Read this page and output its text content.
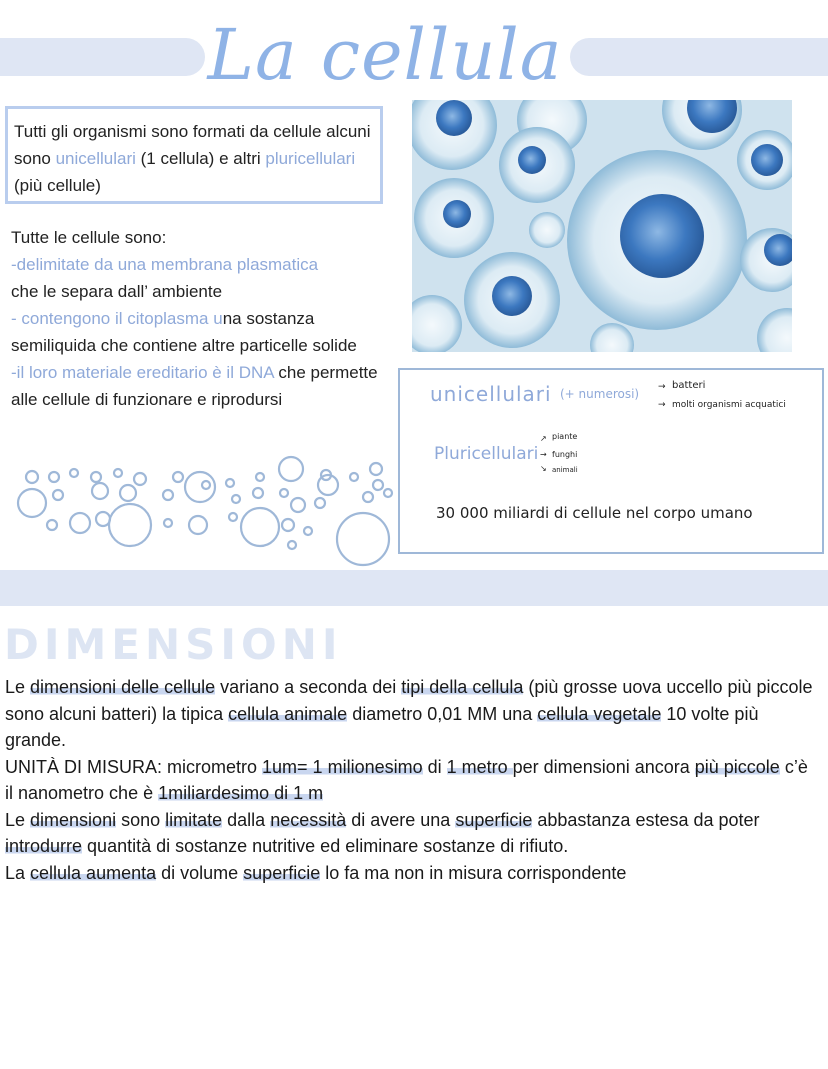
La cellula
Tutti gli organismi sono formati da cellule alcuni sono unicellulari (1 cellula) e altri pluricellulari (più cellule)
Tutte le cellule sono:
-delimitate da una membrana plasmatica
che le separa dall’ ambiente
- contengono il citoplasma una sostanza semiliquida che contiene altre particelle solide
-il loro materiale ereditario è il DNA che permette alle cellule di funzionare e riprodursi	unicellulari (+ numerosi) → batteri
→ molti organismi acquatici
Pluricellulari
↗ piante
→ funghi
↘ animali
30 000 miliardi di cellule nel corpo umano
DIMENSIONI
Le dimensioni delle cellule variano a seconda dei tipi della cellula (più grosse uova uccello più piccole sono alcuni batteri) la tipica cellula animale diametro 0,01 MM una cellula vegetale 10 volte più grande.
UNITÀ DI MISURA: micrometro 1um= 1 milionesimo di 1 metro per dimensioni ancora più piccole c’è il nanometro che è 1miliardesimo di 1 m
Le dimensioni sono limitate dalla necessità di avere una superficie abbastanza estesa da poter introdurre quantità di sostanze nutritive ed eliminare sostanze di rifiuto.
La cellula aumenta di volume superficie lo fa ma non in misura corrispondente
